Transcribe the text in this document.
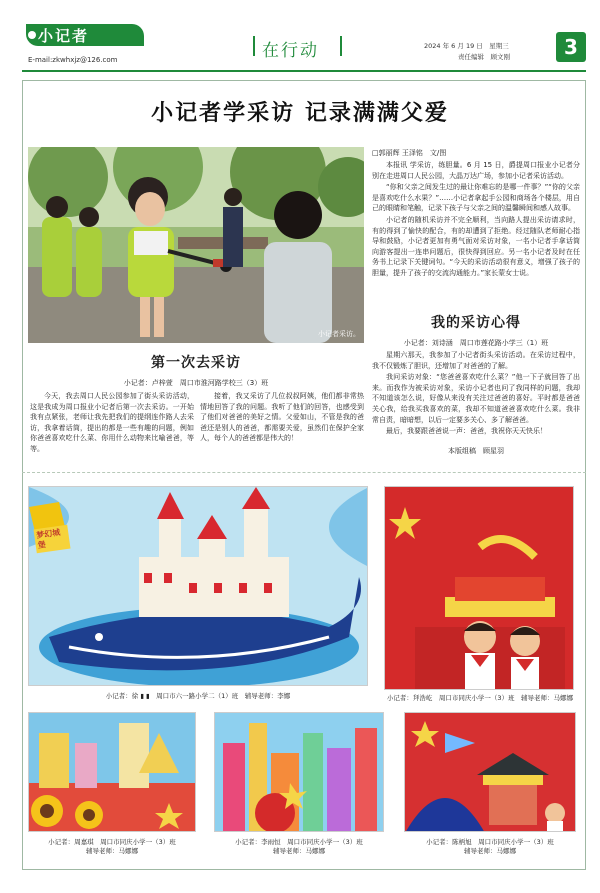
小记者
E-mail:zkwhxjz@126.com	在行动	2024 年 6 月 19 日　星期三
责任编辑　顾文刚	3
小记者学采访 记录满满父爱
小记者采访。
□郭丽辉 王泽铭　文/图

本报讯 学采访，练胆量。6 月 15 日，爵提周口报业小记者分别在走进周口人民公园，大晶万达广场，参加小记者采访活动。

“你和父亲之间发生过的最让你难忘的是哪一件事？”“你的父亲是喜欢吃什么水果？”……小记者拿起手公园和商场各个楼层，用自己的眼睛和笔触，记录下孩子与父亲之间的温馨瞬间和感人故事。

小记者的随机采访并不完全顺利，当向路人提出采访请求时，有的得到了愉快的配合，有的却遭到了拒绝。经过随队老师耐心指导和鼓励，小记者更加有勇气面对采访对象，一名小记者手拿话筒向游客提出一连串问题后，很快得到回应。另一名小记者及时在任务书上记录下关键词句。“今天的采访活动很有意义，增强了孩子的胆量，提升了孩子的交流沟通能力。”家长蒙女士说。

我的采访心得
小记者：刘诗涵　周口市莲花路小学三（1）班

星期六那天，我参加了小记者街头采访活动。在采访过程中，我不仅锻炼了胆识，还增加了对爸爸的了解。

我问采访对象：“您爸爸喜欢吃什么菜？”他一下子就回答了出来。而我作为被采访对象，采访小记者也问了我同样的问题，我却不知道该怎么说，好像从来没有关注过爸爸的喜好。平时都是爸爸关心我，给我买我喜欢的菜，我却不知道爸爸喜欢吃什么菜。我非常自责，暗暗想，以后一定要多关心、多了解爸爸。

最后，我要跟爸爸说一声：爸爸，我祝你天天快乐！

本版组稿　顾星羽
第一次去采访
小记者：卢梓萱　周口市淮河路学校三（3）班

今天，我去周口人民公园参加了街头采访活动，这是我成为周口报业小记者后第一次去采访。一开始我有点紧张，老师让我先把我们的提纲连作路人去采访，我拿着话筒，提出的都是一些有趣的问题，例如你爸爸喜欢吃什么菜、你用什么动物来比喻爸爸，等等。

接着，我又采访了几位叔叔阿姨，他们都非常热情地回答了我的问题。我听了他们的回答，也感受到了他们对爸爸的美好之情。父爱如山，不管是我的爸爸还是别人的爸爸，都需要关爱，虽然们在保护全家人，每个人的爸爸都是伟大的！

梦幻城堡
小记者：徐 ▮ ▮　周口市六一路小学二（1）班　辅导老师：李娜	小记者：拜浩屹　周口市同庆小学一（3）班　辅导老师：马娜娜
小记者：周嘉琪　周口市同庆小学一（3）班
辅导老师：马娜娜
小记者：李雨恒　周口市同庆小学一（3）班
辅导老师：马娜娜
小记者：陈柄旭　周口市同庆小学一（3）班
辅导老师：马娜娜
